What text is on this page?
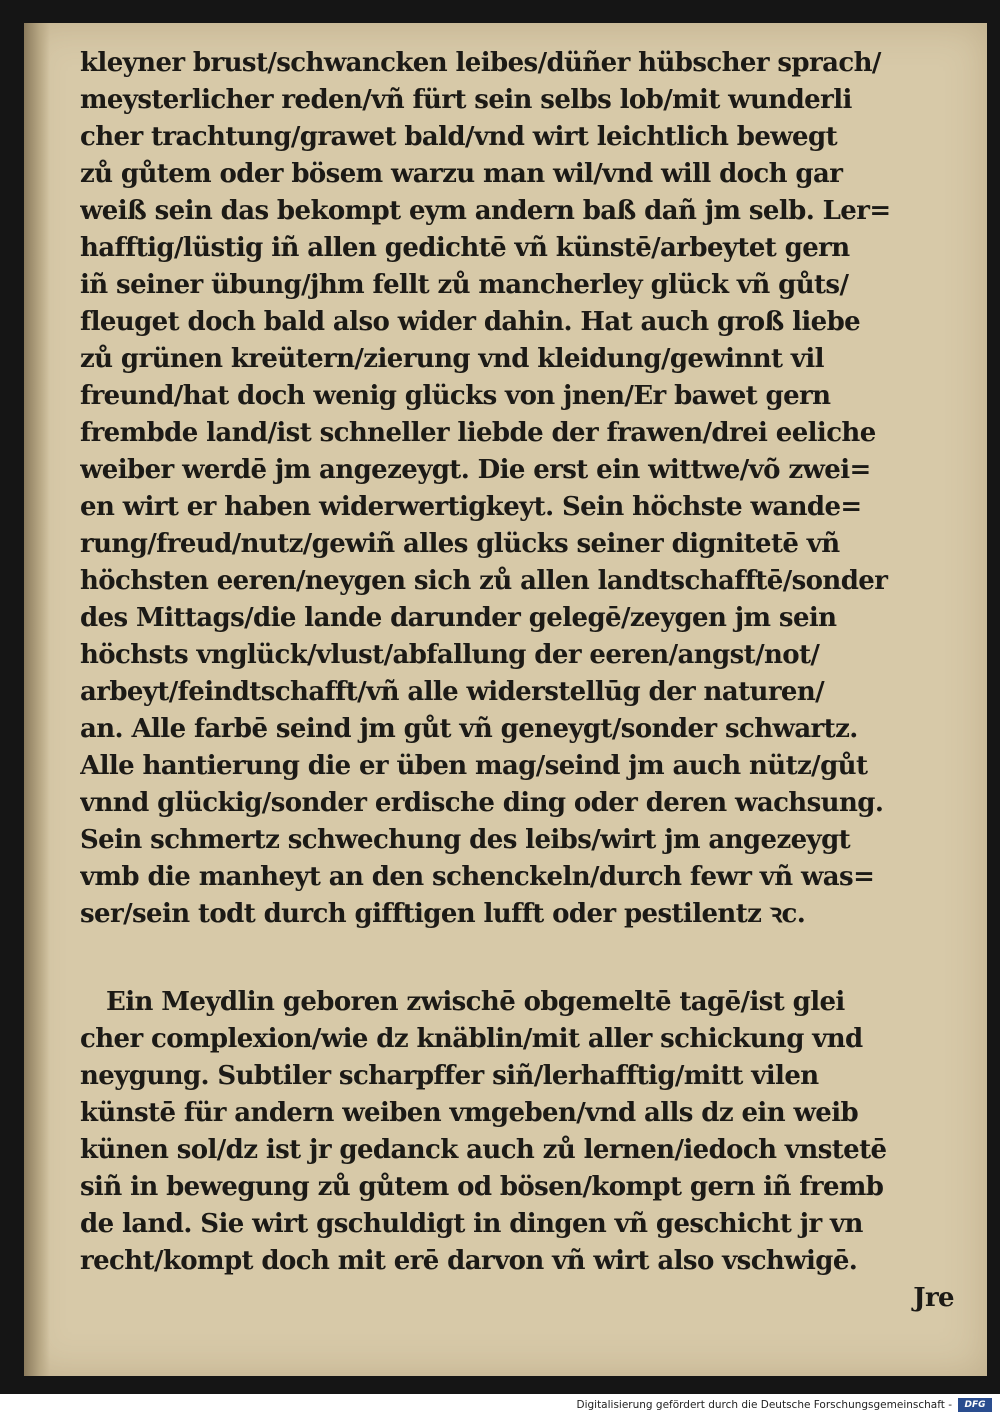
kleyner brust/schwancken leibes/düñer hübscher sprach/
meysterlicher reden/vñ fürt sein selbs lob/mit wunderli
cher trachtung/grawet bald/vnd wirt leichtlich bewegt
zů gůtem oder bösem warzu man wil/vnd will doch gar
weiß sein das bekompt eym andern baß dañ jm selb. Ler=
hafftig/lüstig iñ allen gedichtē vñ künstē/arbeytet gern
iñ seiner übung/jhm fellt zů mancherley glück vñ gůts/
fleuget doch bald also wider dahin. Hat auch groß liebe
zů grünen kreütern/zierung vnd kleidung/gewinnt vil
freund/hat doch wenig glücks von jnen/Er bawet gern
frembde land/ist schneller liebde der frawen/drei eeliche
weiber werdē jm angezeygt. Die erst ein wittwe/võ zwei=
en wirt er haben widerwertigkeyt. Sein höchste wande=
rung/freud/nutz/gewiñ alles glücks seiner dignitetē vñ
höchsten eeren/neygen sich zů allen landtschafftē/sonder
des Mittags/die lande darunder gelegē/zeygen jm sein
höchsts vnglück/vlust/abfallung der eeren/angst/not/
arbeyt/feindtschafft/vñ alle widerstellūg der naturen/
an. Alle farbē seind jm gůt vñ geneygt/sonder schwartz.
Alle hantierung die er üben mag/seind jm auch nütz/gůt
vnnd glückig/sonder erdische ding oder deren wachsung.
Sein schmertz schwechung des leibs/wirt jm angezeygt
vmb die manheyt an den schenckeln/durch fewr vñ was=
ser/sein todt durch gifftigen lufft oder pestilentz ꝛc.
Ein Meydlin geboren zwischē obgemeltē tagē/ist glei
cher complexion/wie dz knäblin/mit aller schickung vnd
neygung. Subtiler scharpffer siñ/lerhafftig/mitt vilen
künstē für andern weiben vmgeben/vnd alls dz ein weib
künen sol/dz ist jr gedanck auch zů lernen/iedoch vnstetē
siñ in bewegung zů gůtem od bösen/kompt gern iñ fremb
de land. Sie wirt gschuldigt in dingen vñ geschicht jr vn
recht/kompt doch mit erē darvon vñ wirt also vschwigē.
Jre
Digitalisierung gefördert durch die Deutsche Forschungsgemeinschaft -	DFG
